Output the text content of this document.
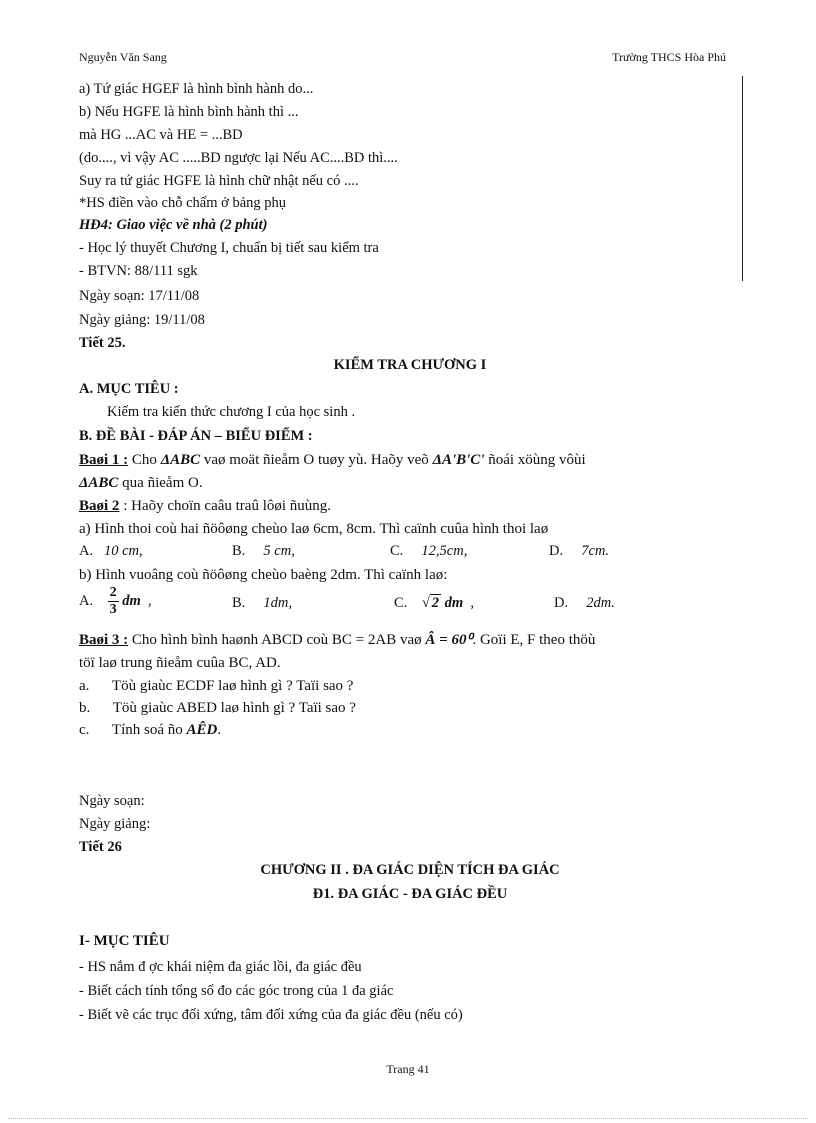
Nguyễn Văn Sang	Trường THCS Hòa Phú
a) Tứ giác HGEF là hình bình hành do...
b) Nếu HGFE là hình bình hành thì ...
mà HG ...AC và HE = ...BD
(do...., vì vậy AC .....BD ngược lại Nếu AC....BD thì....
Suy ra tứ giác HGFE là hình chữ nhật nếu có ....
*HS điền vào chỗ chấm ở bảng phụ
HĐ4: Giao việc về nhà (2 phút)
- Học lý thuyết Chương I, chuẩn bị tiết sau kiểm tra
- BTVN: 88/111 sgk
Ngày soạn: 17/11/08
Ngày giảng: 19/11/08
Tiết 25.
A. MỤC TIÊU :
Kiểm tra kiến thức chương I của học sinh .
B. ĐỀ BÀI - ĐÁP ÁN – BIỂU ĐIỂM :
Baøi 1 : Cho ΔABC vaø moät ñieåm O tuøy yù. Haõy veõ ΔA'B'C' ñoái xöùng vôùi
ΔABC qua ñieåm O.
Baøi 2 : Haõy choïn caâu traû lôøi ñuùng.
a) Hình thoi coù hai ñöôøng cheùo laø 6cm, 8cm. Thì caïnh cuûa hình thoi laø
A. 10 cm,	B. 5 cm,	C. 12,5cm,	D. 7cm.
b) Hình vuoâng coù ñöôøng cheùo baèng 2dm. Thì caïnh laø:
A. $\frac{2}{3}$ dm ,	B. 1dm,	C. √ 2 dm ,	D. 2dm.
Baøi 3 : Cho hình bình haønh ABCD coù BC = 2AB vaø Â = 60⁰. Goïi E, F theo thöù
töï laø trung ñieåm cuûa BC, AD.
a. Töù giaùc ECDF laø hình gì ? Taïi sao ?
b. Töù giaùc ABED laø hình gì ? Taïi sao ?
c. Tính soá ño AÊD.
Ngày soạn:
Ngày giảng:
Tiết 26
I- MỤC TIÊU
- HS nắm đ ợc khái niệm đa giác lồi, đa giác đều
- Biết cách tính tổng số đo các góc trong của 1 đa giác
- Biết vẽ các trục đối xứng, tâm đối xứng của đa giác đều (nếu có)
KIỂM TRA CHƯƠNG I
CHƯƠNG II . ĐA GIÁC DIỆN TÍCH ĐA GIÁC
Đ1. ĐA GIÁC - ĐA GIÁC ĐỀU
Trang 41
